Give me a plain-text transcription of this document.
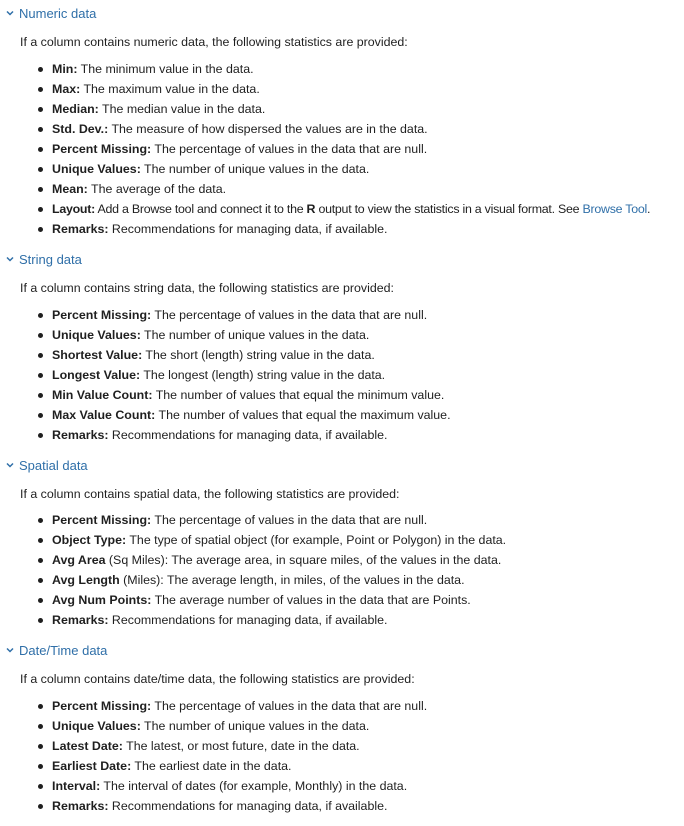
Numeric data
If a column contains numeric data, the following statistics are provided:
Min: The minimum value in the data.
Max: The maximum value in the data.
Median: The median value in the data.
Std. Dev.: The measure of how dispersed the values are in the data.
Percent Missing: The percentage of values in the data that are null.
Unique Values: The number of unique values in the data.
Mean: The average of the data.
Layout: Add a Browse tool and connect it to the R output to view the statistics in a visual format. See Browse Tool.
Remarks: Recommendations for managing data, if available.
String data
If a column contains string data, the following statistics are provided:
Percent Missing: The percentage of values in the data that are null.
Unique Values: The number of unique values in the data.
Shortest Value: The short (length) string value in the data.
Longest Value: The longest (length) string value in the data.
Min Value Count: The number of values that equal the minimum value.
Max Value Count: The number of values that equal the maximum value.
Remarks: Recommendations for managing data, if available.
Spatial data
If a column contains spatial data, the following statistics are provided:
Percent Missing: The percentage of values in the data that are null.
Object Type: The type of spatial object (for example, Point or Polygon) in the data.
Avg Area (Sq Miles): The average area, in square miles, of the values in the data.
Avg Length (Miles): The average length, in miles, of the values in the data.
Avg Num Points: The average number of values in the data that are Points.
Remarks: Recommendations for managing data, if available.
Date/Time data
If a column contains date/time data, the following statistics are provided:
Percent Missing: The percentage of values in the data that are null.
Unique Values: The number of unique values in the data.
Latest Date: The latest, or most future, date in the data.
Earliest Date: The earliest date in the data.
Interval: The interval of dates (for example, Monthly) in the data.
Remarks: Recommendations for managing data, if available.
